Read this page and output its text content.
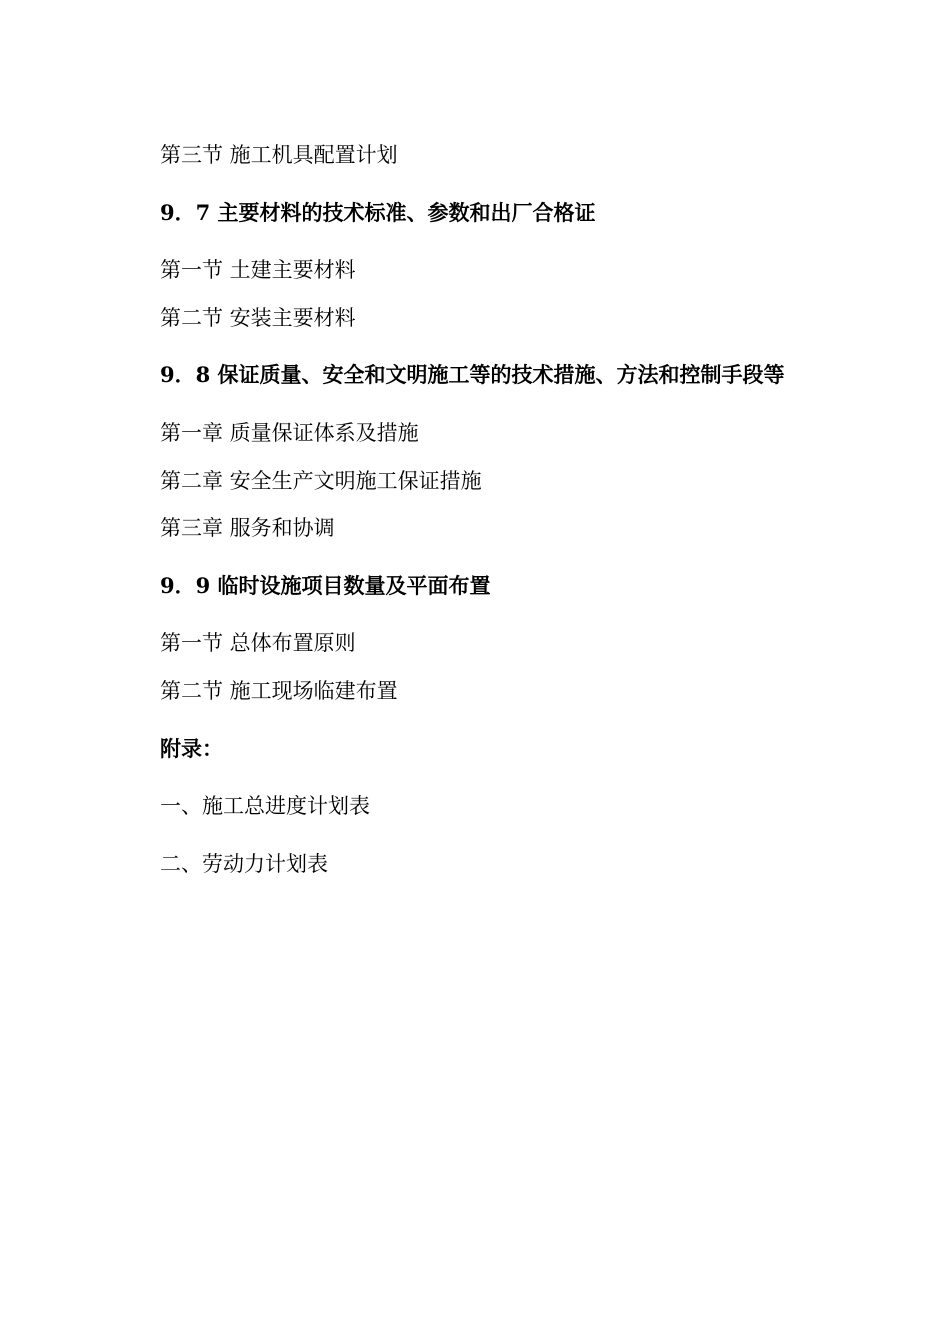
第三节 施工机具配置计划
9．7 主要材料的技术标准、参数和出厂合格证
第一节 土建主要材料
第二节 安装主要材料
9．8 保证质量、安全和文明施工等的技术措施、方法和控制手段等
第一章 质量保证体系及措施
第二章 安全生产文明施工保证措施
第三章 服务和协调
9．9 临时设施项目数量及平面布置
第一节 总体布置原则
第二节 施工现场临建布置
附录：
一、施工总进度计划表
二、劳动力计划表
